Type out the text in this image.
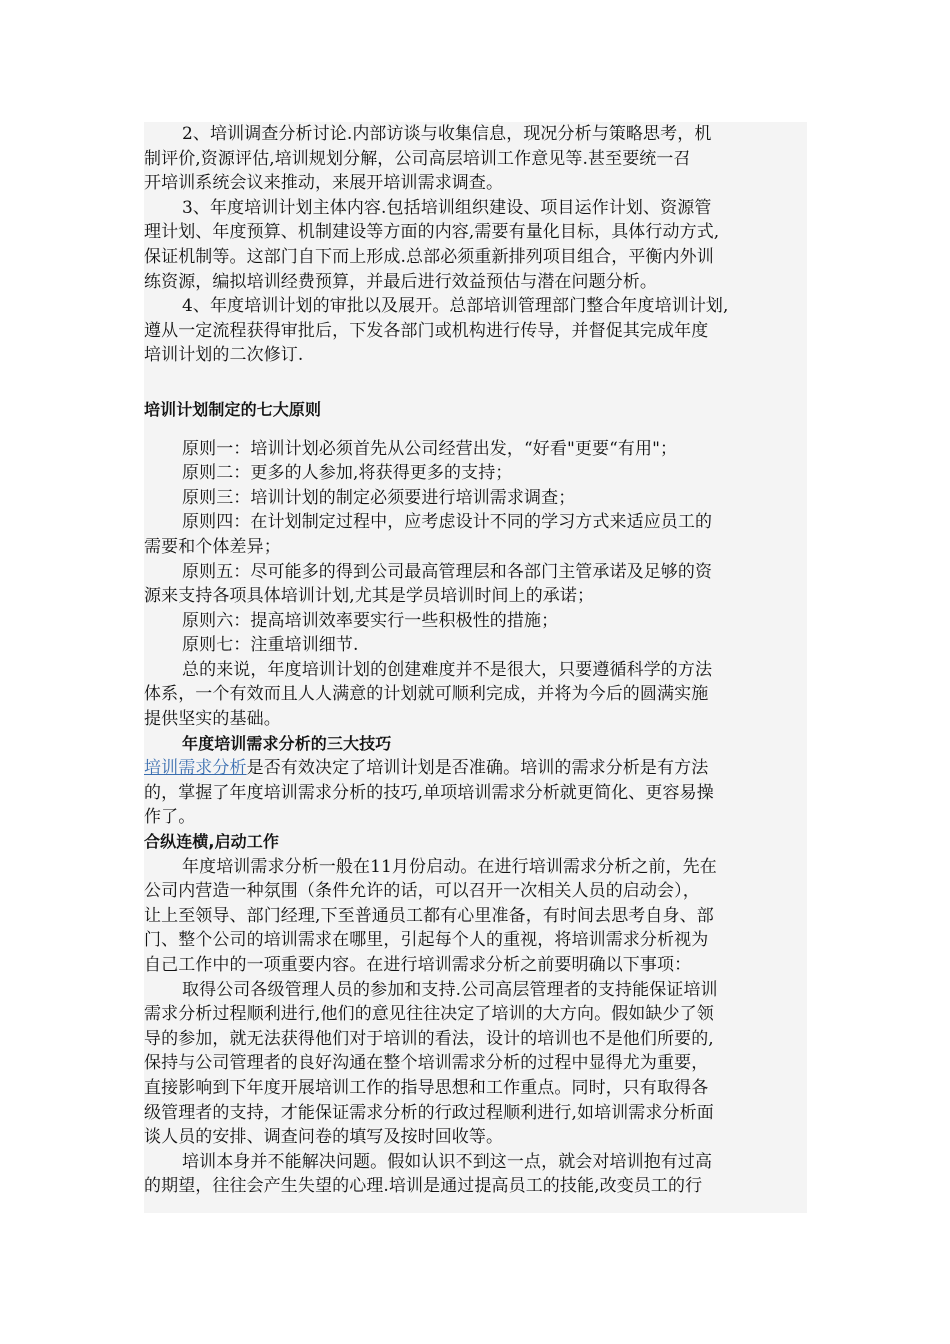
2、培训调查分析讨论.内部访谈与收集信息，现况分析与策略思考，机
制评价,资源评估,培训规划分解，公司高层培训工作意见等.甚至要统一召
开培训系统会议来推动，来展开培训需求调查。
3、年度培训计划主体内容.包括培训组织建设、项目运作计划、资源管
理计划、年度预算、机制建设等方面的内容,需要有量化目标，具体行动方式,
保证机制等。这部门自下而上形成.总部必须重新排列项目组合，平衡内外训
练资源，编拟培训经费预算，并最后进行效益预估与潜在问题分析。
4、年度培训计划的审批以及展开。总部培训管理部门整合年度培训计划,
遵从一定流程获得审批后，下发各部门或机构进行传导，并督促其完成年度
培训计划的二次修订.
培训计划制定的七大原则
原则一：培训计划必须首先从公司经营出发，“好看"更要“有用"；
原则二：更多的人参加,将获得更多的支持；
原则三：培训计划的制定必须要进行培训需求调查；
原则四：在计划制定过程中，应考虑设计不同的学习方式来适应员工的
需要和个体差异；
原则五：尽可能多的得到公司最高管理层和各部门主管承诺及足够的资
源来支持各项具体培训计划,尤其是学员培训时间上的承诺；
原则六：提高培训效率要实行一些积极性的措施；
原则七：注重培训细节.
总的来说，年度培训计划的创建难度并不是很大，只要遵循科学的方法
体系，一个有效而且人人满意的计划就可顺利完成，并将为今后的圆满实施
提供坚实的基础。
年度培训需求分析的三大技巧
培训需求分析是否有效决定了培训计划是否准确。培训的需求分析是有方法
的，掌握了年度培训需求分析的技巧,单项培训需求分析就更简化、更容易操
作了。
合纵连横,启动工作
年度培训需求分析一般在11月份启动。在进行培训需求分析之前，先在
公司内营造一种氛围（条件允许的话，可以召开一次相关人员的启动会），
让上至领导、部门经理,下至普通员工都有心里准备，有时间去思考自身、部
门、整个公司的培训需求在哪里，引起每个人的重视，将培训需求分析视为
自己工作中的一项重要内容。在进行培训需求分析之前要明确以下事项：
取得公司各级管理人员的参加和支持.公司高层管理者的支持能保证培训
需求分析过程顺利进行,他们的意见往往决定了培训的大方向。假如缺少了领
导的参加，就无法获得他们对于培训的看法，设计的培训也不是他们所要的,
保持与公司管理者的良好沟通在整个培训需求分析的过程中显得尤为重要，
直接影响到下年度开展培训工作的指导思想和工作重点。同时，只有取得各
级管理者的支持，才能保证需求分析的行政过程顺利进行,如培训需求分析面
谈人员的安排、调查问卷的填写及按时回收等。
培训本身并不能解决问题。假如认识不到这一点，就会对培训抱有过高
的期望，往往会产生失望的心理.培训是通过提高员工的技能,改变员工的行
